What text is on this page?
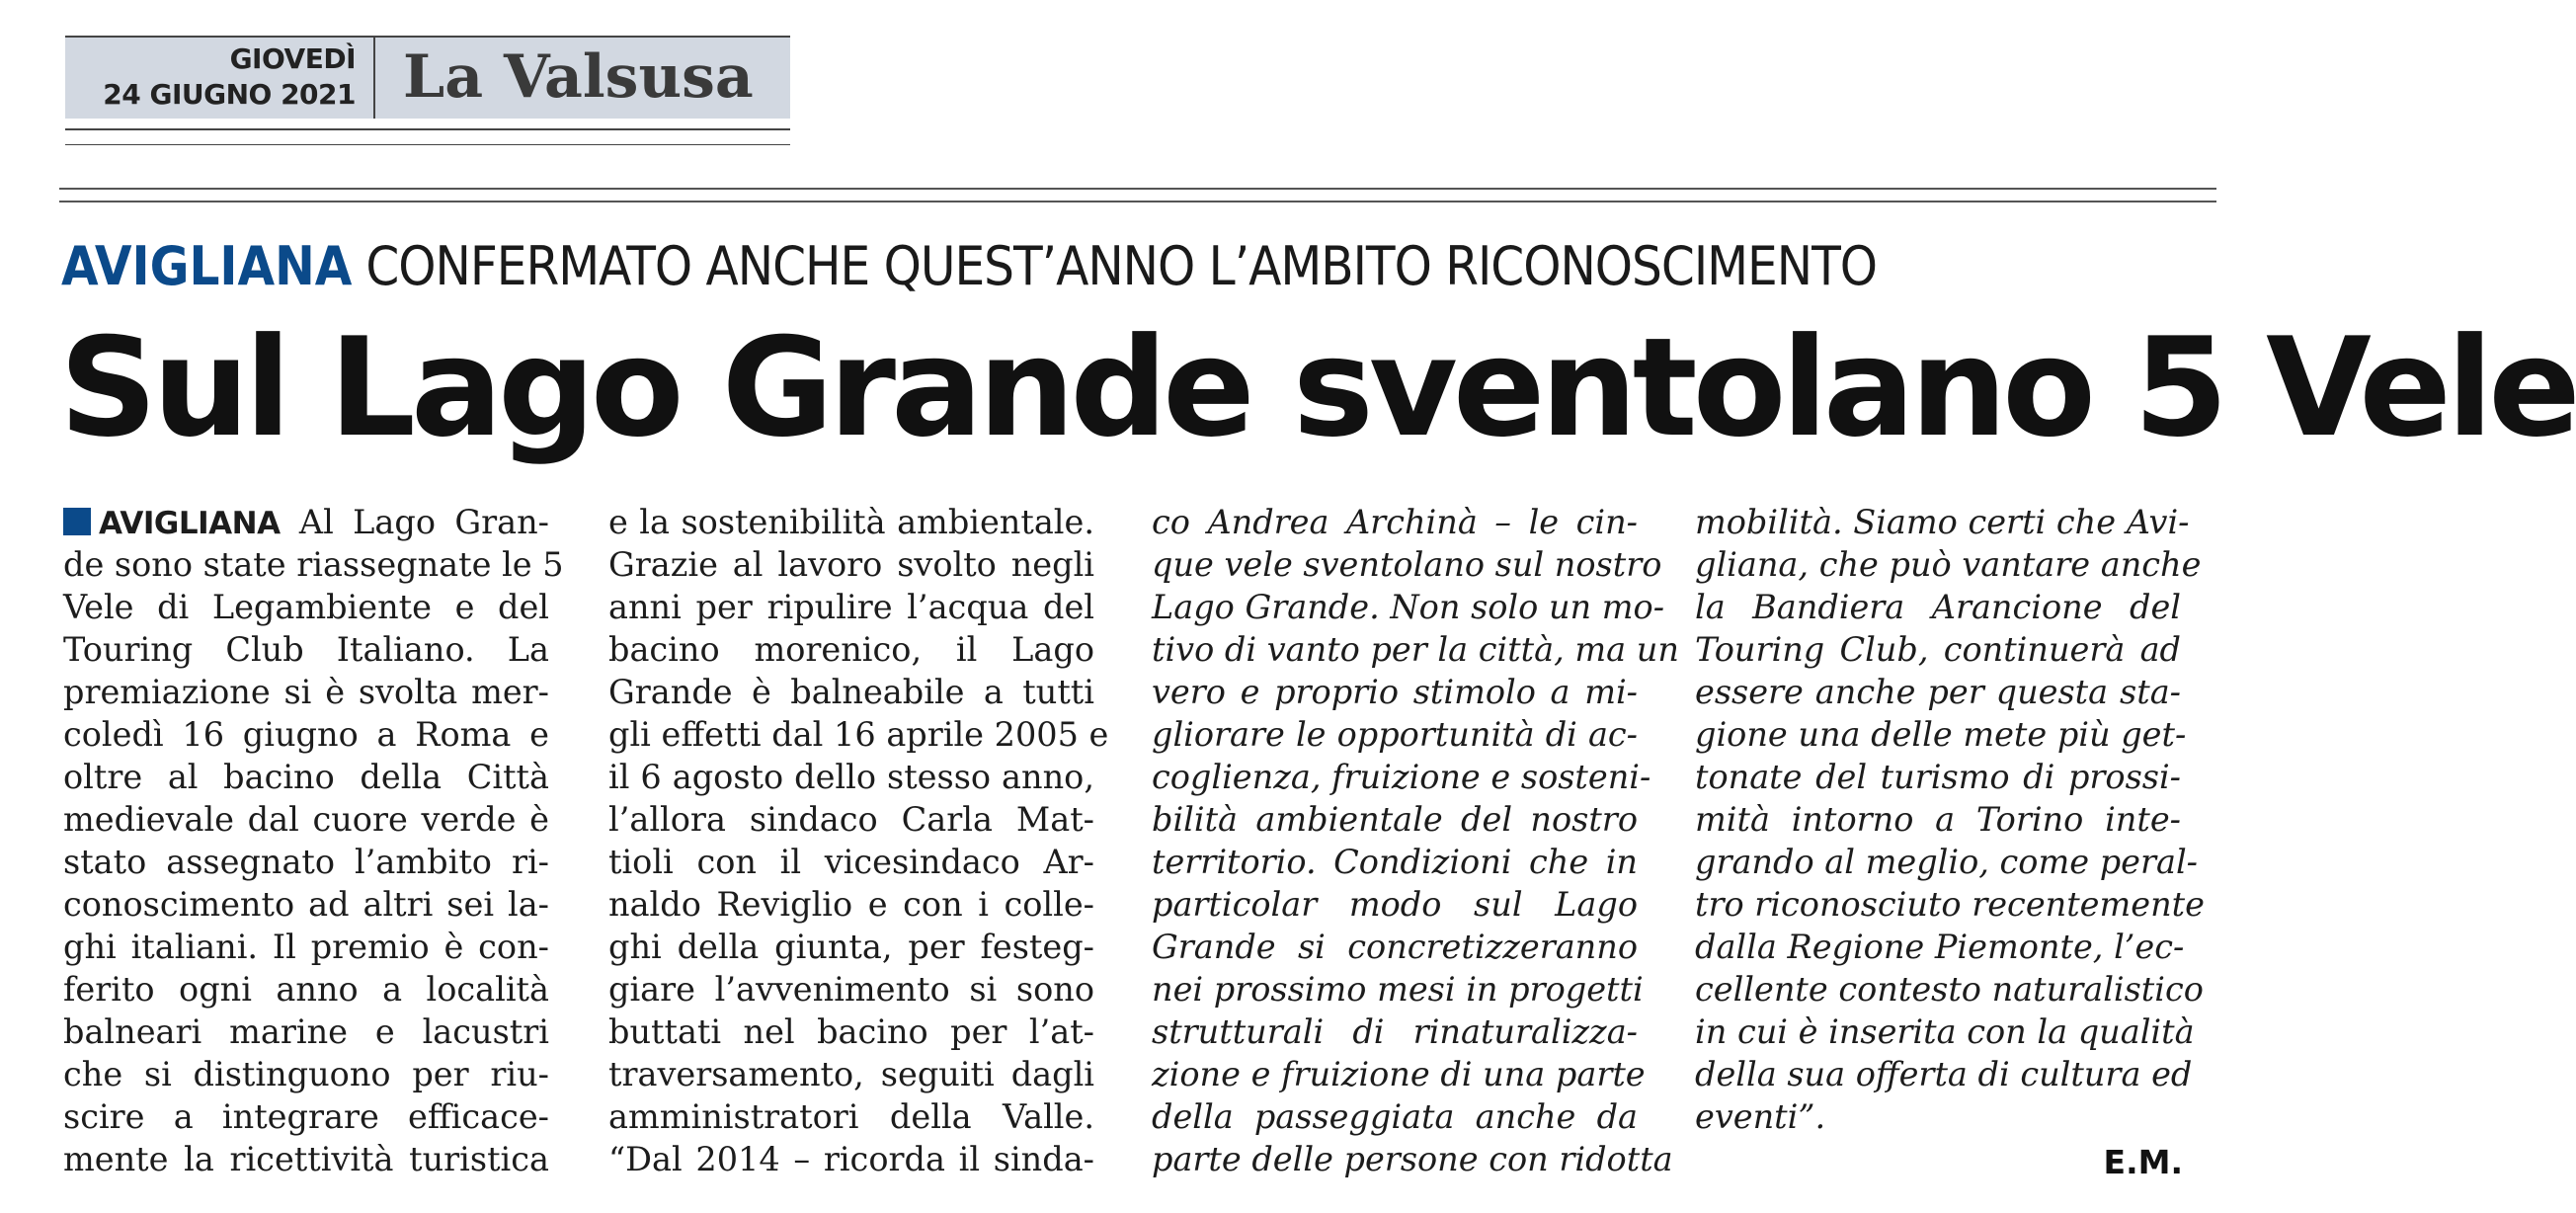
GIOVEDÌ
24 GIUGNO 2021 La Valsusa
AVIGLIANA CONFERMATO ANCHE QUEST’ANNO L’AMBITO RICONOSCIMENTO
Sul Lago Grande sventolano 5 Vele
AVIGLIANA Al Lago Gran-
de sono state riassegnate le 5
Vele di Legambiente e del
Touring Club Italiano. La
premiazione si è svolta mer-
coledì 16 giugno a Roma e
oltre al bacino della Città
medievale dal cuore verde è
stato assegnato l’ambito ri-
conoscimento ad altri sei la-
ghi italiani. Il premio è con-
ferito ogni anno a località
balneari marine e lacustri
che si distinguono per riu-
scire a integrare efficace-
mente la ricettività turistica
e la sostenibilità ambientale.
Grazie al lavoro svolto negli
anni per ripulire l’acqua del
bacino morenico, il Lago
Grande è balneabile a tutti
gli effetti dal 16 aprile 2005 e
il 6 agosto dello stesso anno,
l’allora sindaco Carla Mat-
tioli con il vicesindaco Ar-
naldo Reviglio e con i colle-
ghi della giunta, per festeg-
giare l’avvenimento si sono
buttati nel bacino per l’at-
traversamento, seguiti dagli
amministratori della Valle.
“Dal 2014 – ricorda il sinda-
co Andrea Archinà – le cin-
que vele sventolano sul nostro
Lago Grande. Non solo un mo-
tivo di vanto per la città, ma un
vero e proprio stimolo a mi-
gliorare le opportunità di ac-
coglienza, fruizione e sosteni-
bilità ambientale del nostro
territorio. Condizioni che in
particolar modo sul Lago
Grande si concretizzeranno
nei prossimo mesi in progetti
strutturali di rinaturalizza-
zione e fruizione di una parte
della passeggiata anche da
parte delle persone con ridotta
mobilità. Siamo certi che Avi-
gliana, che può vantare anche
la Bandiera Arancione del
Touring Club, continuerà ad
essere anche per questa sta-
gione una delle mete più get-
tonate del turismo di prossi-
mità intorno a Torino inte-
grando al meglio, come peral-
tro riconosciuto recentemente
dalla Regione Piemonte, l’ec-
cellente contesto naturalistico
in cui è inserita con la qualità
della sua offerta di cultura ed
eventi”.
E.M.
